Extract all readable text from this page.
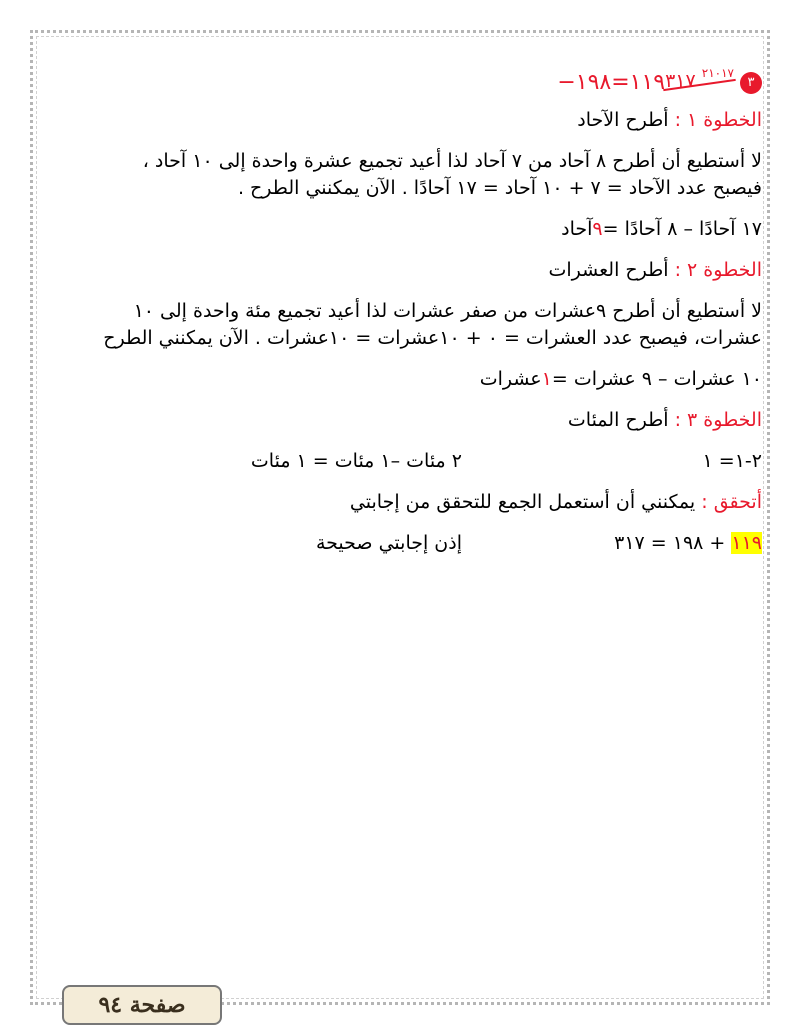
٣
$^{٢١٠١٧}$ ٣١٧
١١٩=١٩٨−
الخطوة ١ :

أطرح الآحاد

لا أستطيع أن أطرح ٨ آحاد من ٧ آحاد لذا أعيد تجميع عشرة واحدة إلى ١٠ آحاد ،
فيصبح عدد الآحاد = ٧ + ١٠ آحاد = ١٧ آحادًا . الآن يمكنني الطرح .

١٧ آحادًا – ٨ آحادًا =
٩
آحاد
الخطوة ٢ :

أطرح العشرات

لا أستطيع أن أطرح ٩عشرات من صفر عشرات لذا أعيد تجميع مئة واحدة إلى ١٠ عشرات، فيصبح عدد العشرات = ٠ + ١٠عشرات = ١٠عشرات . الآن يمكنني الطرح

١٠ عشرات – ٩ عشرات =
١
عشرات
الخطوة ٣ :

أطرح المئات
٢-١= ١
٢ مئات –١ مئات = ١ مئات
أتحقق :

يمكنني أن أستعمل الجمع للتحقق من إجابتي
١١٩ + ١٩٨ = ٣١٧
إذن إجابتي صحيحة
صفحة ٩٤
